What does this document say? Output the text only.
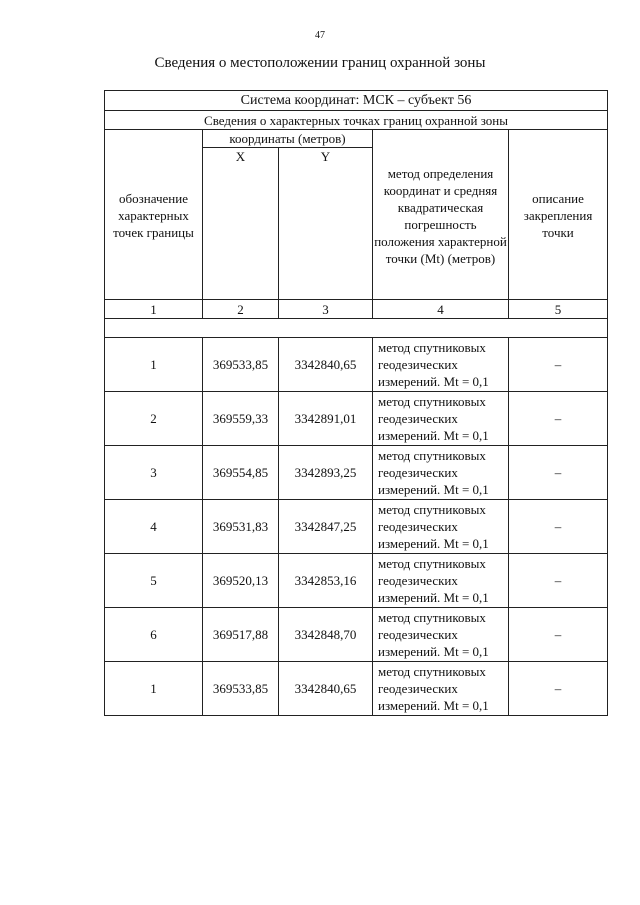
47
Сведения о местоположении границ охранной зоны
Система координат: МСК – субъект 56				
Сведения о характерных точках границ охранной зоны				
обозначение характерных точек границы	координаты (метров)		метод определения координат и средняя квадратическая погрешность положения характерной точки (Mt) (метров)	описание закрепления точки
	X	Y		

1	2	3	4	5

1	369533,85	3342840,65	метод спутниковых геодезических измерений. Mt = 0,1	–
2	369559,33	3342891,01	метод спутниковых геодезических измерений. Mt = 0,1	–
3	369554,85	3342893,25	метод спутниковых геодезических измерений. Mt = 0,1	–
4	369531,83	3342847,25	метод спутниковых геодезических измерений. Mt = 0,1	–
5	369520,13	3342853,16	метод спутниковых геодезических измерений. Mt = 0,1	–
6	369517,88	3342848,70	метод спутниковых геодезических измерений. Mt = 0,1	–
1	369533,85	3342840,65	метод спутниковых геодезических измерений. Mt = 0,1	–
